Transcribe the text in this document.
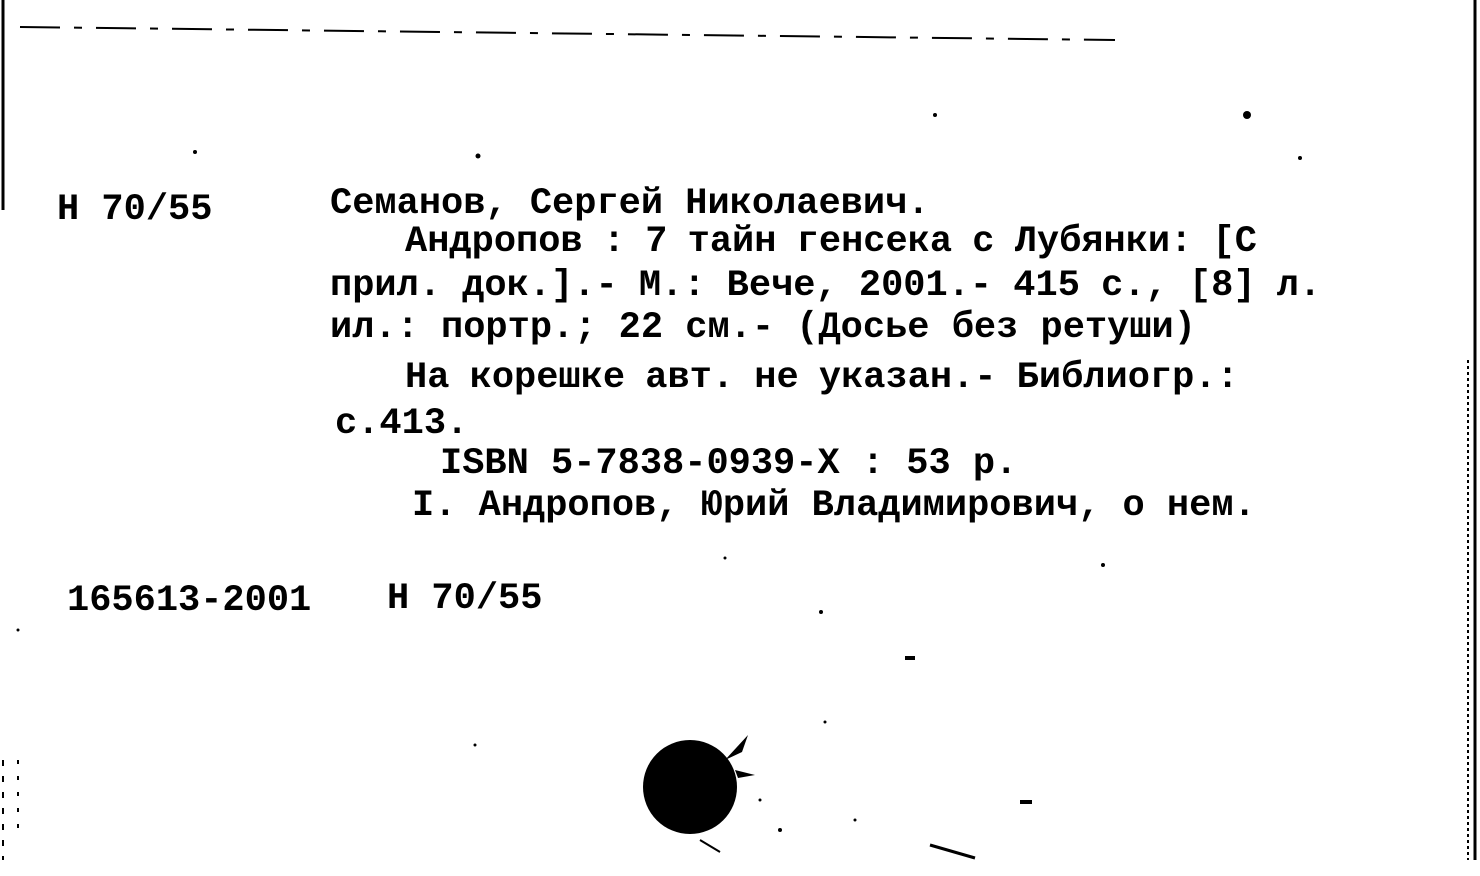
Н 70/55	Семанов, Сергей Николаевич.

Андропов : 7 тайн генсека с Лубянки: [С

прил. док.].- М.: Вече, 2001.- 415 с., [8] л.

ил.: портр.; 22 см.- (Досье без ретуши)

На корешке авт. не указан.- Библиогр.:

с.413.

ISBN 5-7838-0939-X : 53 р.

I. Андропов, Юрий Владимирович, о нем.

165613-2001 Н 70/55
